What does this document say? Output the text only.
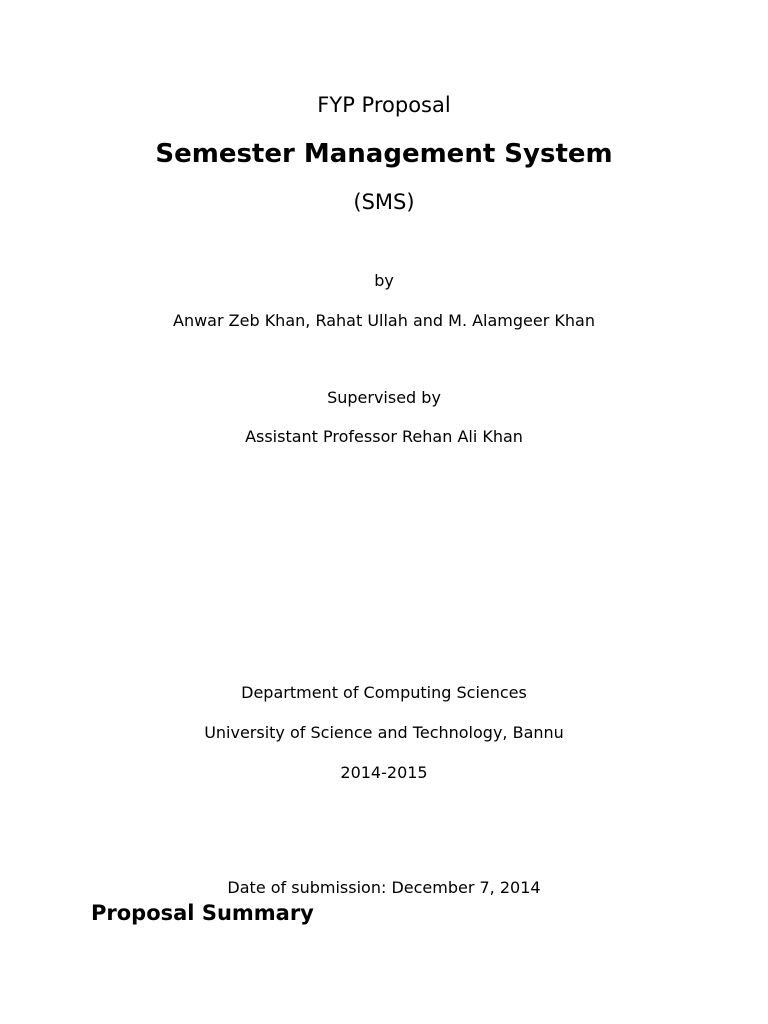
FYP Proposal
Semester Management System
(SMS)
by
Anwar Zeb Khan, Rahat Ullah and M. Alamgeer Khan
Supervised by
Assistant Professor Rehan Ali Khan
Department of Computing Sciences
University of Science and Technology, Bannu
2014-2015
Date of submission: December 7, 2014
Proposal Summary
